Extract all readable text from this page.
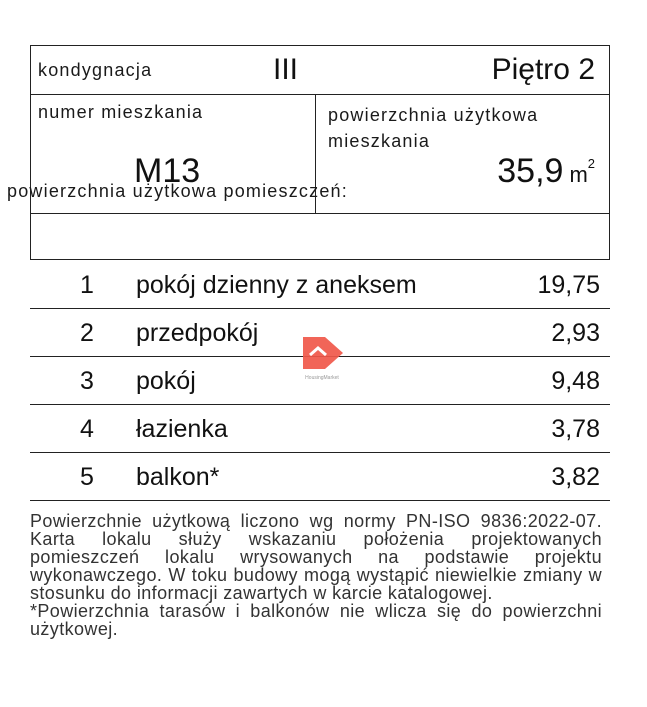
kondygnacja	III	Piętro 2
numer mieszkania
M13
powierzchnia użytkowa
mieszkania
35,9 $m^2$
powierzchnia użytkowa pomieszczeń:
1 pokój dzienny z aneksem	19,75
2 przedpokój	2,93
3 pokój	9,48
4 łazienka	3,78
5 balkon*	3,82
HousingMarket

Powierzchnie użytkową liczono wg normy PN-ISO 9836:2022-07. Karta lokalu służy wskazaniu położenia projektowanych pomieszczeń lokalu wrysowanych na podstawie projektu wykonawczego. W toku budowy mogą wystąpić niewielkie zmiany w stosunku do informacji zawartych w karcie katalogowej.

*Powierzchnia tarasów i balkonów nie wlicza się do powierzchni użytkowej.
